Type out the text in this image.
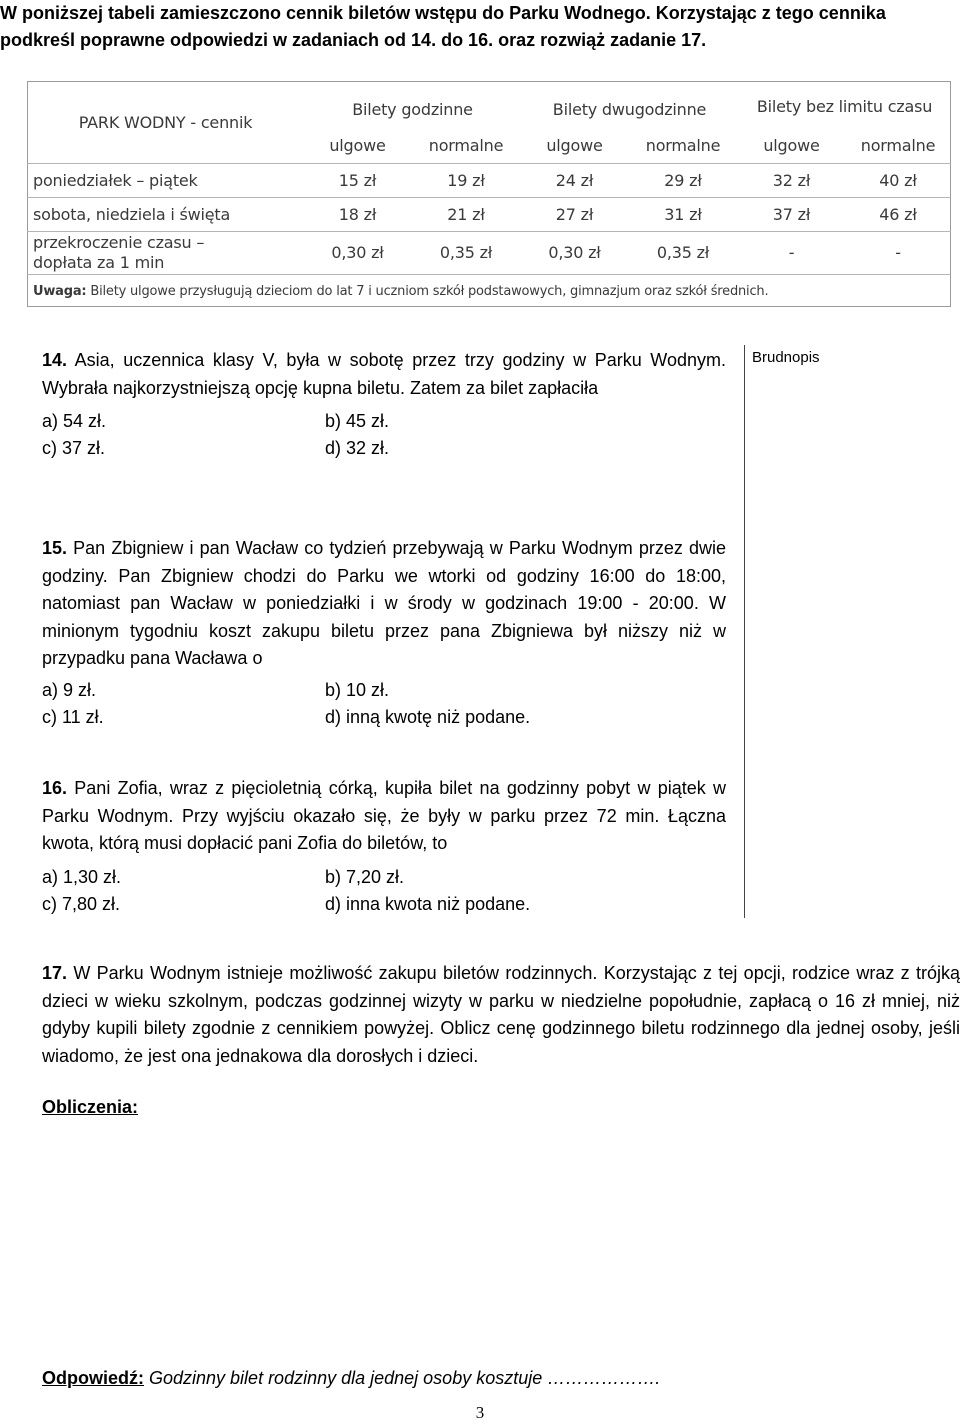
W poniższej tabeli zamieszczono cennik biletów wstępu do Parku Wodnego. Korzystając z tego cennika podkreśl poprawne odpowiedzi w zadaniach od 14. do 16. oraz rozwiąż zadanie 17.
PARK WODNY - cennik	Bilety godzinne		Bilety dwugodzinne		Bilety bez limitu czasu	
	ulgowe	normalne	ulgowe	normalne	ulgowe	normalne
poniedziałek – piątek	15 zł	19 zł	24 zł	29 zł	32 zł	40 zł
sobota, niedziela i święta	18 zł	21 zł	27 zł	31 zł	37 zł	46 zł

przekroczenie czasu –
dopłata za 1 min	0,30 zł	0,35 zł	0,30 zł	0,35 zł	-	-
Uwaga: Bilety ulgowe przysługują dzieciom do lat 7 i uczniom szkół podstawowych, gimnazjum oraz szkół średnich.						
Brudnopis
14. Asia, uczennica klasy V, była w sobotę przez trzy godziny w Parku Wodnym. Wybrała najkorzystniejszą opcję kupna biletu. Zatem za bilet zapłaciła
a) 54 zł.	b) 45 zł.
c) 37 zł.	d) 32 zł.
15. Pan Zbigniew i pan Wacław co tydzień przebywają w Parku Wodnym przez dwie godziny. Pan Zbigniew chodzi do Parku we wtorki od godziny 16:00 do 18:00, natomiast pan Wacław w poniedziałki i w środy w godzinach 19:00 - 20:00. W minionym tygodniu koszt zakupu biletu przez pana Zbigniewa był niższy niż w przypadku pana Wacława o
a) 9 zł.	b) 10 zł.
c) 11 zł.	d) inną kwotę niż podane.
16. Pani Zofia, wraz z pięcioletnią córką, kupiła bilet na godzinny pobyt w piątek w Parku Wodnym. Przy wyjściu okazało się, że były w parku przez 72 min. Łączna kwota, którą musi dopłacić pani Zofia do biletów, to
a) 1,30 zł.	b) 7,20 zł.
c) 7,80 zł.	d) inna kwota niż podane.
17. W Parku Wodnym istnieje możliwość zakupu biletów rodzinnych. Korzystając z tej opcji, rodzice wraz z trójką dzieci w wieku szkolnym, podczas godzinnej wizyty w parku w niedzielne popołudnie, zapłacą o 16 zł mniej, niż gdyby kupili bilety zgodnie z cennikiem powyżej. Oblicz cenę godzinnego biletu rodzinnego dla jednej osoby, jeśli wiadomo, że jest ona jednakowa dla dorosłych i dzieci.
Obliczenia:
Odpowiedź: Godzinny bilet rodzinny dla jednej osoby kosztuje ……………….
3
